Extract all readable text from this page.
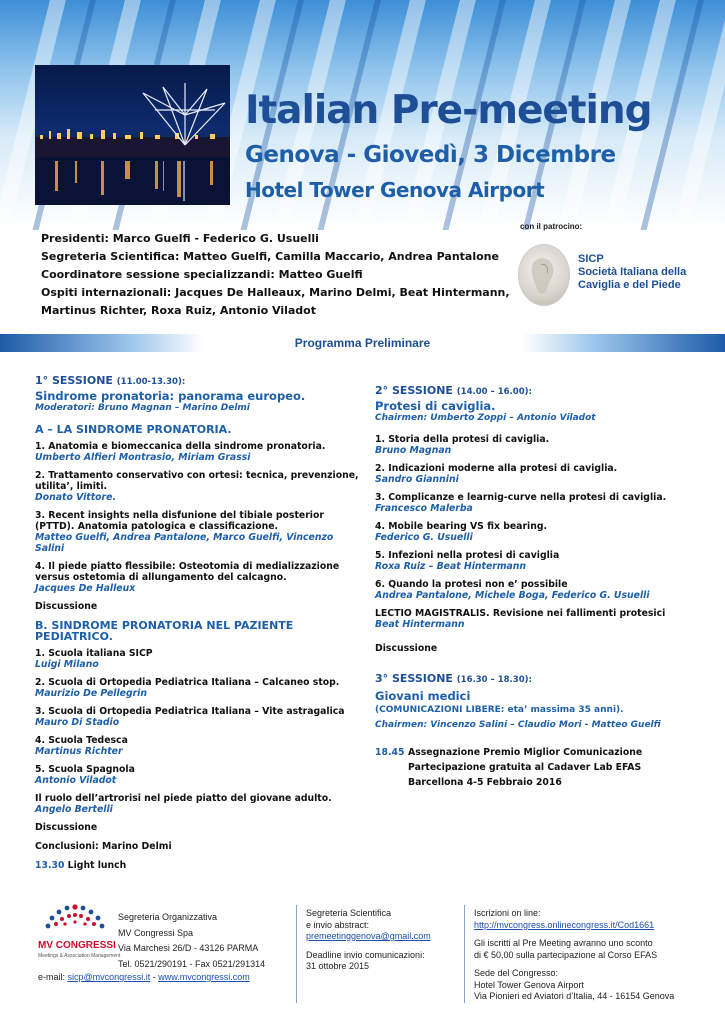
Italian Pre-meeting
Genova - Giovedì, 3 Dicembre
Hotel Tower Genova Airport
Presidenti: Marco Guelfi - Federico G. Usuelli
Segreteria Scientifica: Matteo Guelfi, Camilla Maccario, Andrea Pantalone
Coordinatore sessione specializzandi: Matteo Guelfi
Ospiti internazionali: Jacques De Halleaux, Marino Delmi, Beat Hintermann,
Martinus Richter, Roxa Ruiz, Antonio Viladot
con il patrocino:
SICP
Società Italiana della
Caviglia e del Piede
Programma Preliminare
1° SESSIONE (11.00-13.30):
Sindrome pronatoria: panorama europeo.
Moderatori: Bruno Magnan – Marino Delmi
A – LA SINDROME PRONATORIA.
1. Anatomia e biomeccanica della sindrome pronatoria.
Umberto Alfieri Montrasio, Miriam Grassi
2. Trattamento conservativo con ortesi: tecnica, prevenzione, utilita’, limiti.
Donato Vittore.
3. Recent insights nella disfunione del tibiale posterior (PTTD). Anatomia patologica e classificazione.
Matteo Guelfi, Andrea Pantalone, Marco Guelfi, Vincenzo Salini
4. Il piede piatto flessibile: Osteotomia di medializzazione versus ostetomia di allungamento del calcagno.
Jacques De Halleux
Discussione
B. SINDROME PRONATORIA NEL PAZIENTE PEDIATRICO.
1. Scuola italiana SICP
Luigi Milano
2. Scuola di Ortopedia Pediatrica Italiana – Calcaneo stop.
Maurizio De Pellegrin
3. Scuola di Ortopedia Pediatrica Italiana – Vite astragalica
Mauro Di Stadio
4. Scuola Tedesca
Martinus Richter
5. Scuola Spagnola
Antonio Viladot
Il ruolo dell’artrorisi nel piede piatto del giovane adulto.
Angelo Bertelli
Discussione
Conclusioni: Marino Delmi
13.30 Light lunch
2° SESSIONE (14.00 – 16.00):
Protesi di caviglia.
Chairmen: Umberto Zoppi – Antonio Viladot
1. Storia della protesi di caviglia.
Bruno Magnan
2. Indicazioni moderne alla protesi di caviglia.
Sandro Giannini
3. Complicanze e learnig-curve nella protesi di caviglia.
Francesco Malerba
4. Mobile bearing VS fix bearing.
Federico G. Usuelli
5. Infezioni nella protesi di caviglia
Roxa Ruiz – Beat Hintermann
6. Quando la protesi non e’ possibile
Andrea Pantalone, Michele Boga, Federico G. Usuelli
LECTIO MAGISTRALIS. Revisione nei fallimenti protesici
Beat Hintermann
Discussione
3° SESSIONE (16.30 – 18.30):
Giovani medici
(COMUNICAZIONI LIBERE: eta’ massima 35 anni).
Chairmen: Vincenzo Salini – Claudio Mori - Matteo Guelfi
18.45 Assegnazione Premio Miglior Comunicazione
Partecipazione gratuita al Cadaver Lab EFAS
Barcellona 4-5 Febbraio 2016
MV CONGRESSI
Meetings & Association Management
Segreteria Organizzativa
MV Congressi Spa
Via Marchesi 26/D - 43126 PARMA
Tel. 0521/290191 - Fax 0521/291314
e-mail: sicp@mvcongressi.it - www.mvcongressi.com
Segreteria Scientifica
e invio abstract:
premeetinggenova@gmail.com
Deadline invio comunicazioni:
31 ottobre 2015
Iscrizioni on line:
http://mvcongress.onlinecongress.it/Cod1661
Gli iscritti al Pre Meeting avranno uno sconto
di € 50,00 sulla partecipazione al Corso EFAS
Sede del Congresso:
Hotel Tower Genova Airport
Via Pionieri ed Aviatori d’Italia, 44 - 16154 Genova
